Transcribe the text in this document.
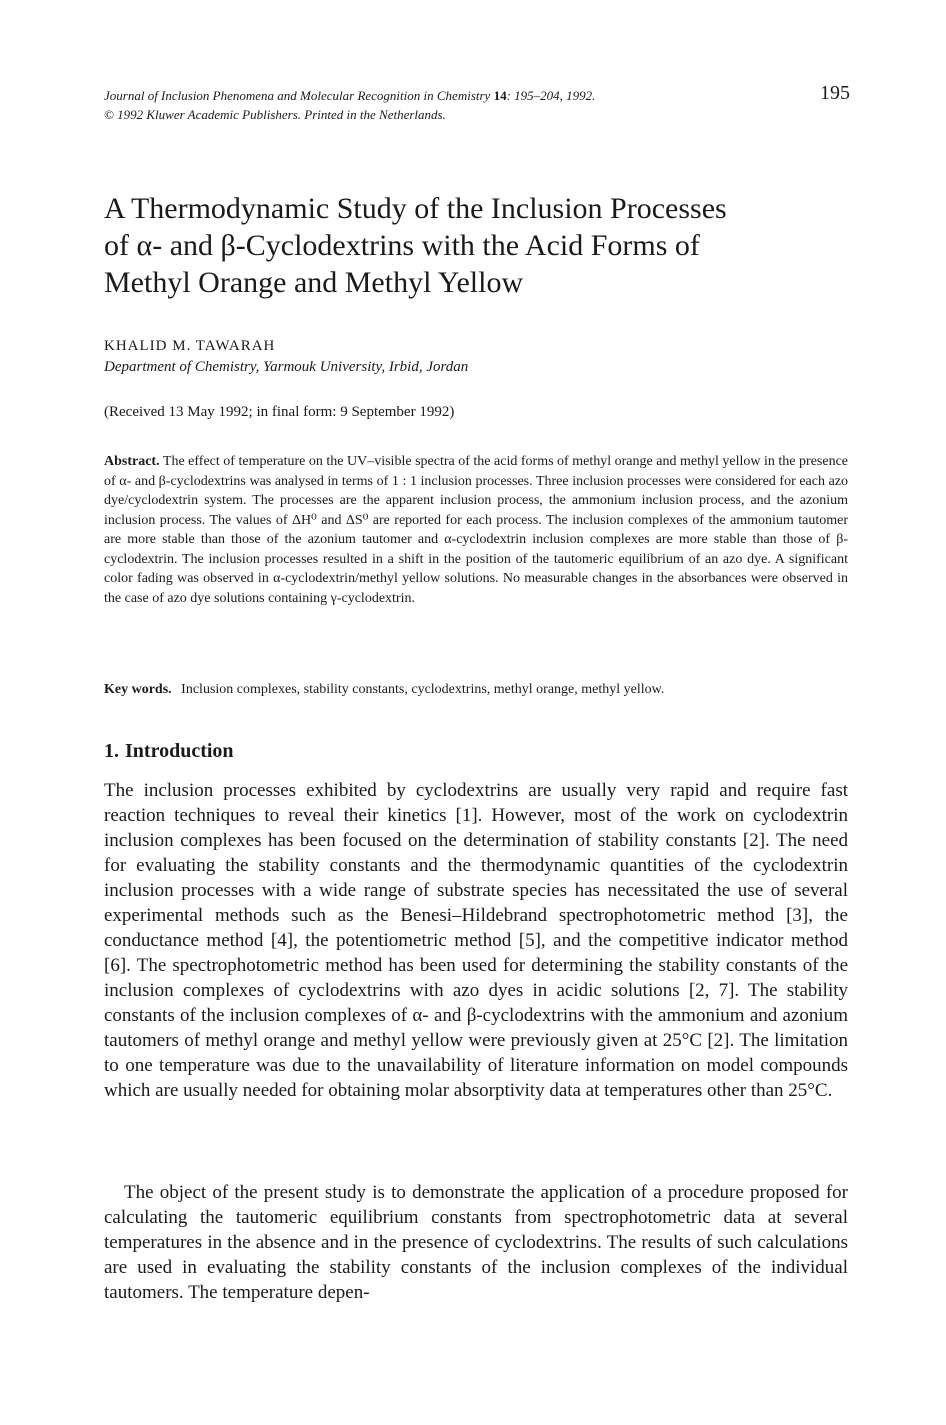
Journal of Inclusion Phenomena and Molecular Recognition in Chemistry 14: 195–204, 1992.

© 1992 Kluwer Academic Publishers. Printed in the Netherlands.

195
A Thermodynamic Study of the Inclusion Processes
of α- and β-Cyclodextrins with the Acid Forms of
Methyl Orange and Methyl Yellow

KHALID M. TAWARAH

Department of Chemistry, Yarmouk University, Irbid, Jordan

(Received 13 May 1992; in final form: 9 September 1992)

Abstract. The effect of temperature on the UV–visible spectra of the acid forms of methyl orange and methyl yellow in the presence of α- and β-cyclodextrins was analysed in terms of 1 : 1 inclusion processes. Three inclusion processes were considered for each azo dye/cyclodextrin system. The processes are the apparent inclusion process, the ammonium inclusion process, and the azonium inclusion process. The values of ΔH⁰ and ΔS⁰ are reported for each process. The inclusion complexes of the ammonium tautomer are more stable than those of the azonium tautomer and α-cyclodextrin inclusion complexes are more stable than those of β-cyclodextrin. The inclusion processes resulted in a shift in the position of the tautomeric equilibrium of an azo dye. A significant color fading was observed in α-cyclodextrin/methyl yellow solutions. No measurable changes in the absorbances were observed in the case of azo dye solutions containing γ-cyclodextrin.

Key words. Inclusion complexes, stability constants, cyclodextrins, methyl orange, methyl yellow.

1. Introduction

The inclusion processes exhibited by cyclodextrins are usually very rapid and require fast reaction techniques to reveal their kinetics [1]. However, most of the work on cyclodextrin inclusion complexes has been focused on the determination of stability constants [2]. The need for evaluating the stability constants and the thermodynamic quantities of the cyclodextrin inclusion processes with a wide range of substrate species has necessitated the use of several experimental methods such as the Benesi–Hildebrand spectrophotometric method [3], the conductance method [4], the potentiometric method [5], and the competitive indicator method [6]. The spectrophotometric method has been used for determining the stability constants of the inclusion complexes of cyclodextrins with azo dyes in acidic solutions [2, 7]. The stability constants of the inclusion complexes of α- and β-cyclodextrins with the ammonium and azonium tautomers of methyl orange and methyl yellow were previously given at 25°C [2]. The limitation to one temperature was due to the unavailability of literature information on model compounds which are usually needed for obtaining molar absorptivity data at temperatures other than 25°C.

The object of the present study is to demonstrate the application of a procedure proposed for calculating the tautomeric equilibrium constants from spectrophotometric data at several temperatures in the absence and in the presence of cyclodextrins. The results of such calculations are used in evaluating the stability constants of the inclusion complexes of the individual tautomers. The temperature depen-
